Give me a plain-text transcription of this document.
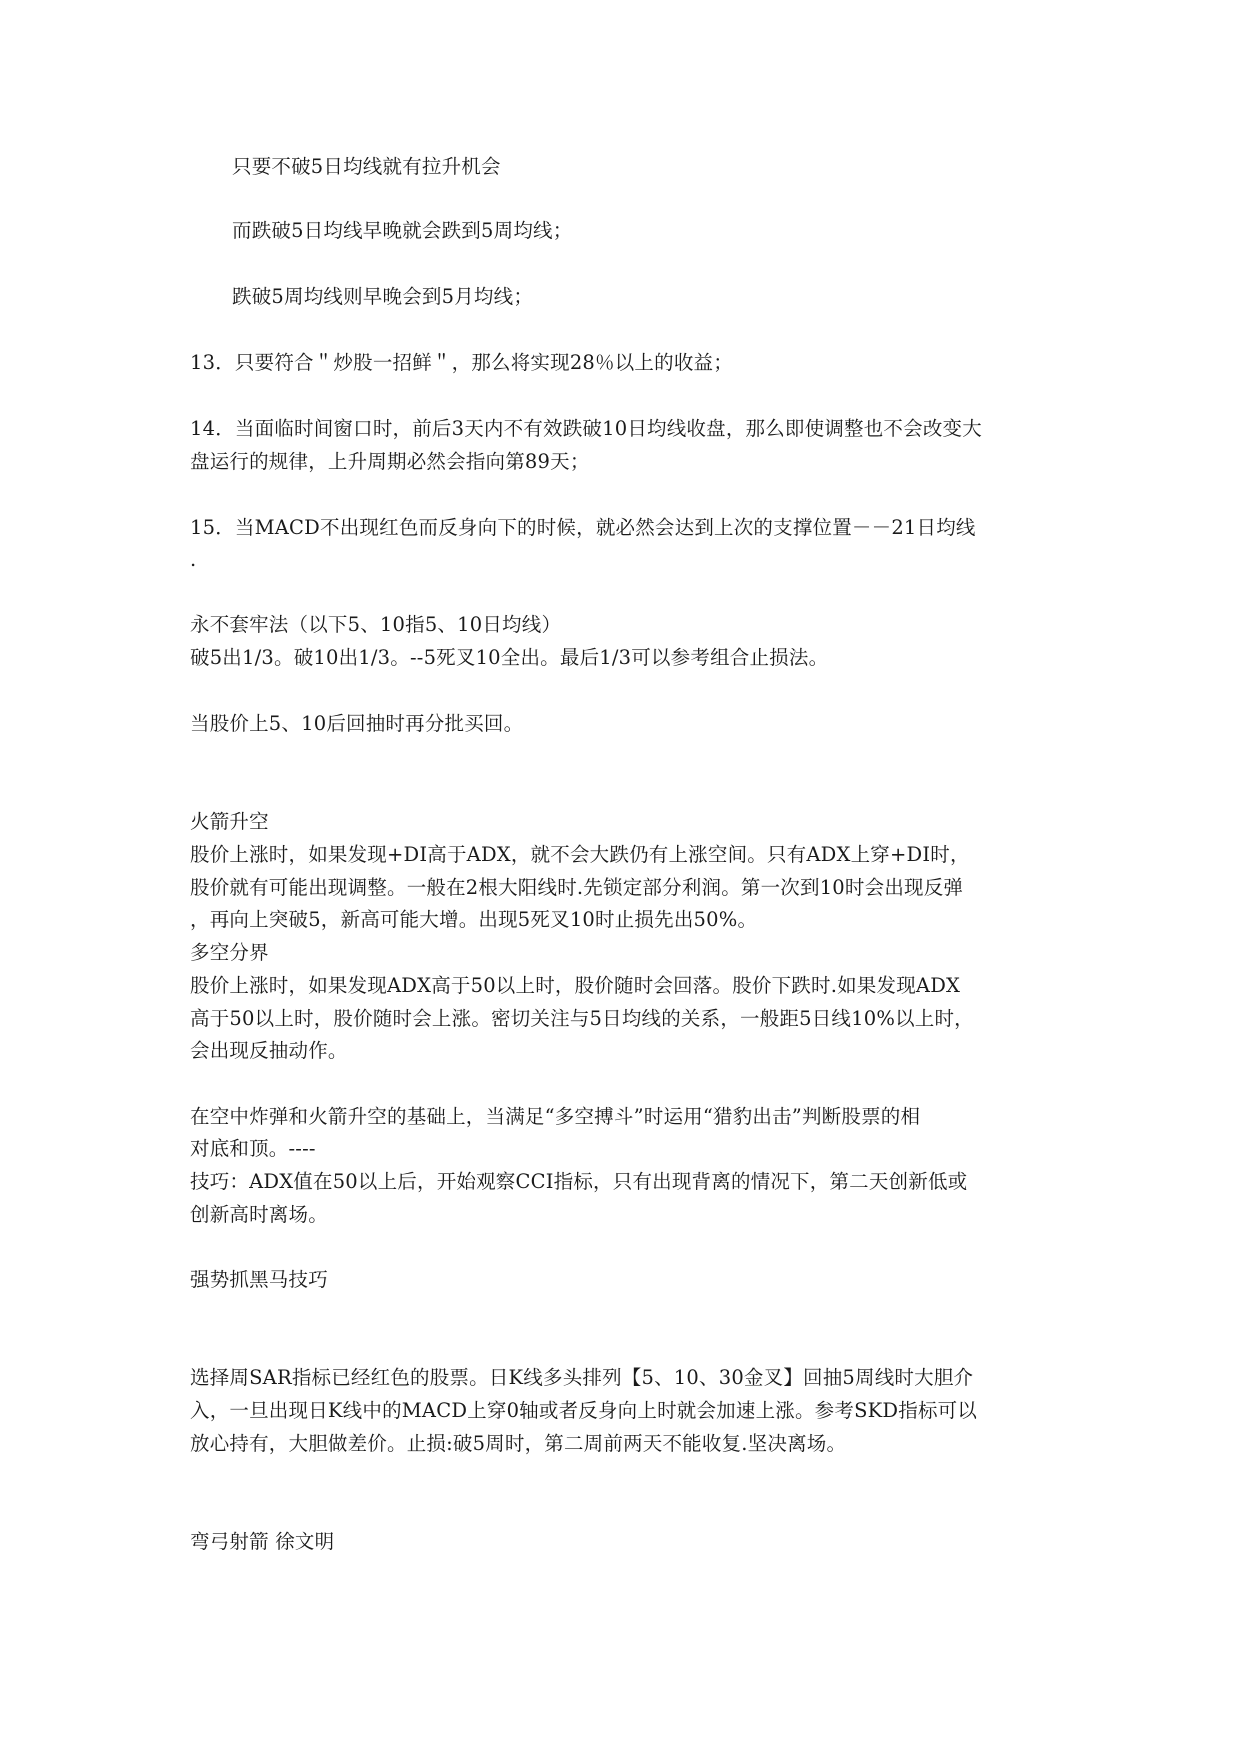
只要不破5日均线就有拉升机会
而跌破5日均线早晚就会跌到5周均线；
跌破5周均线则早晚会到5月均线；
13．只要符合＂炒股一招鲜＂，那么将实现28％以上的收益；
14．当面临时间窗口时，前后3天内不有效跌破10日均线收盘，那么即使调整也不会改变大
盘运行的规律，上升周期必然会指向第89天；
15．当MACD不出现红色而反身向下的时候，就必然会达到上次的支撑位置－－21日均线
.
永不套牢法（以下5、10指5、10日均线）
破5出1/3。破10出1/3。--5死叉10全出。最后1/3可以参考组合止损法。
当股价上5、10后回抽时再分批买回。
火箭升空
股价上涨时，如果发现+DI高于ADX，就不会大跌仍有上涨空间。只有ADX上穿+DI时，
股价就有可能出现调整。一般在2根大阳线时.先锁定部分利润。第一次到10时会出现反弹
，再向上突破5，新高可能大增。出现5死叉10时止损先出50%。
多空分界
股价上涨时，如果发现ADX高于50以上时，股价随时会回落。股价下跌时.如果发现ADX
高于50以上时，股价随时会上涨。密切关注与5日均线的关系，一般距5日线10%以上时，
会出现反抽动作。
在空中炸弹和火箭升空的基础上，当满足“多空搏斗”时运用“猎豹出击”判断股票的相
对底和顶。----
技巧：ADX值在50以上后，开始观察CCI指标，只有出现背离的情况下，第二天创新低或
创新高时离场。
强势抓黑马技巧
选择周SAR指标已经红色的股票。日K线多头排列【5、10、30金叉】回抽5周线时大胆介
入，一旦出现日K线中的MACD上穿0轴或者反身向上时就会加速上涨。参考SKD指标可以
放心持有，大胆做差价。止损:破5周时，第二周前两天不能收复.坚决离场。
弯弓射箭 徐文明
